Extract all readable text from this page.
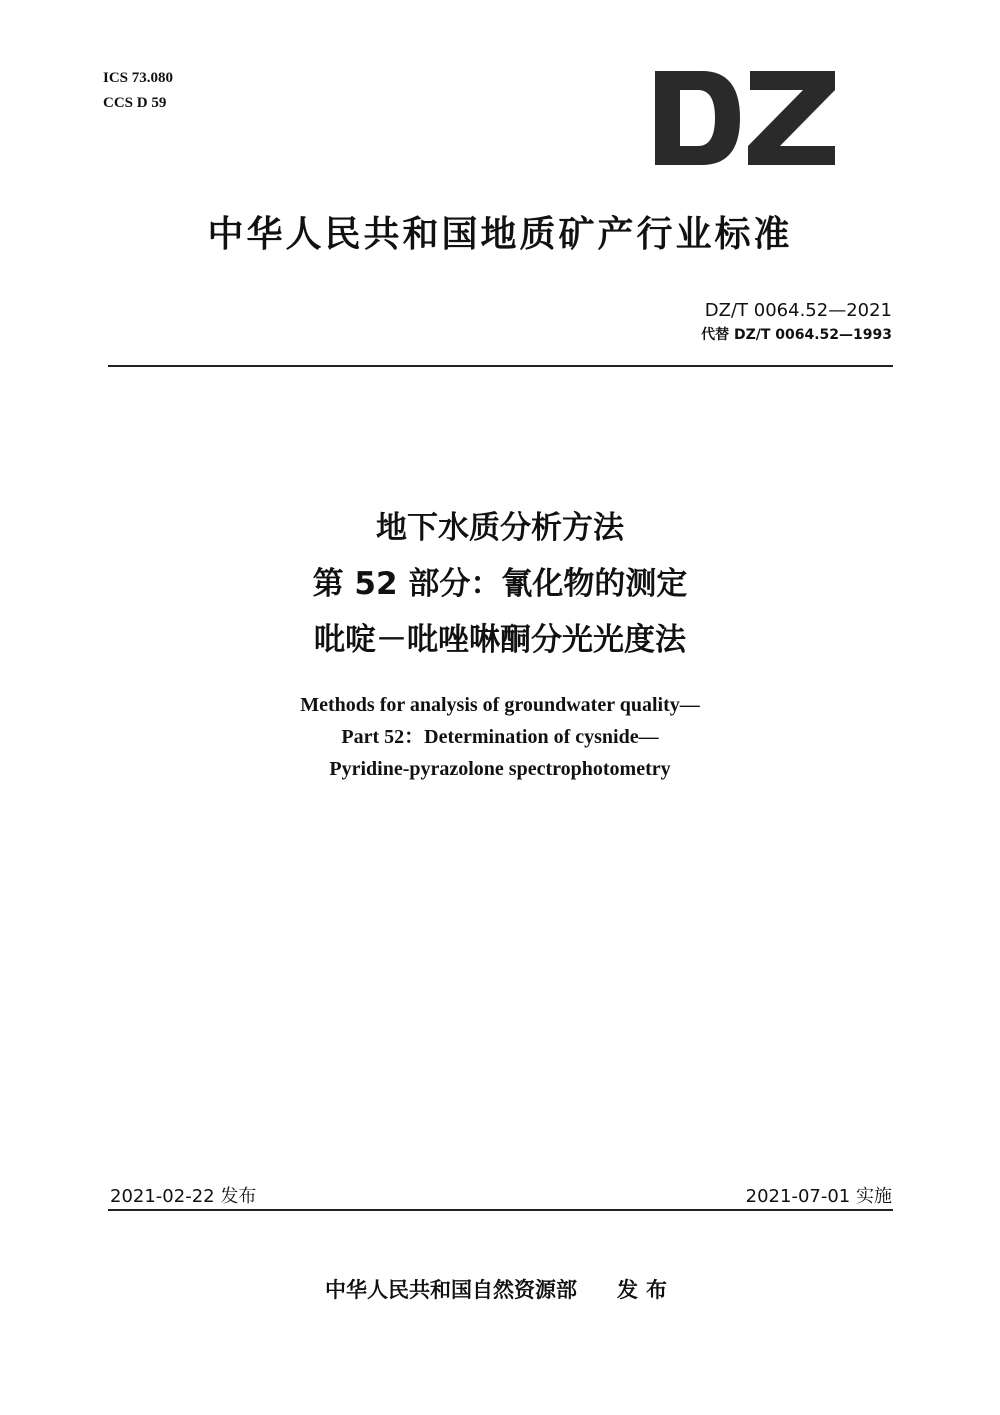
ICS 73.080
CCS D 59
中华人民共和国地质矿产行业标准
DZ/T 0064.52—2021
代替 DZ/T 0064.52—1993
地下水质分析方法
第 52 部分：氰化物的测定
吡啶－吡唑啉酮分光光度法
Methods for analysis of groundwater quality—
Part 52：Determination of cysnide—
Pyridine-pyrazolone spectrophotometry
2021-02-22 发布	2021-07-01 实施
中华人民共和国自然资源部 发布
